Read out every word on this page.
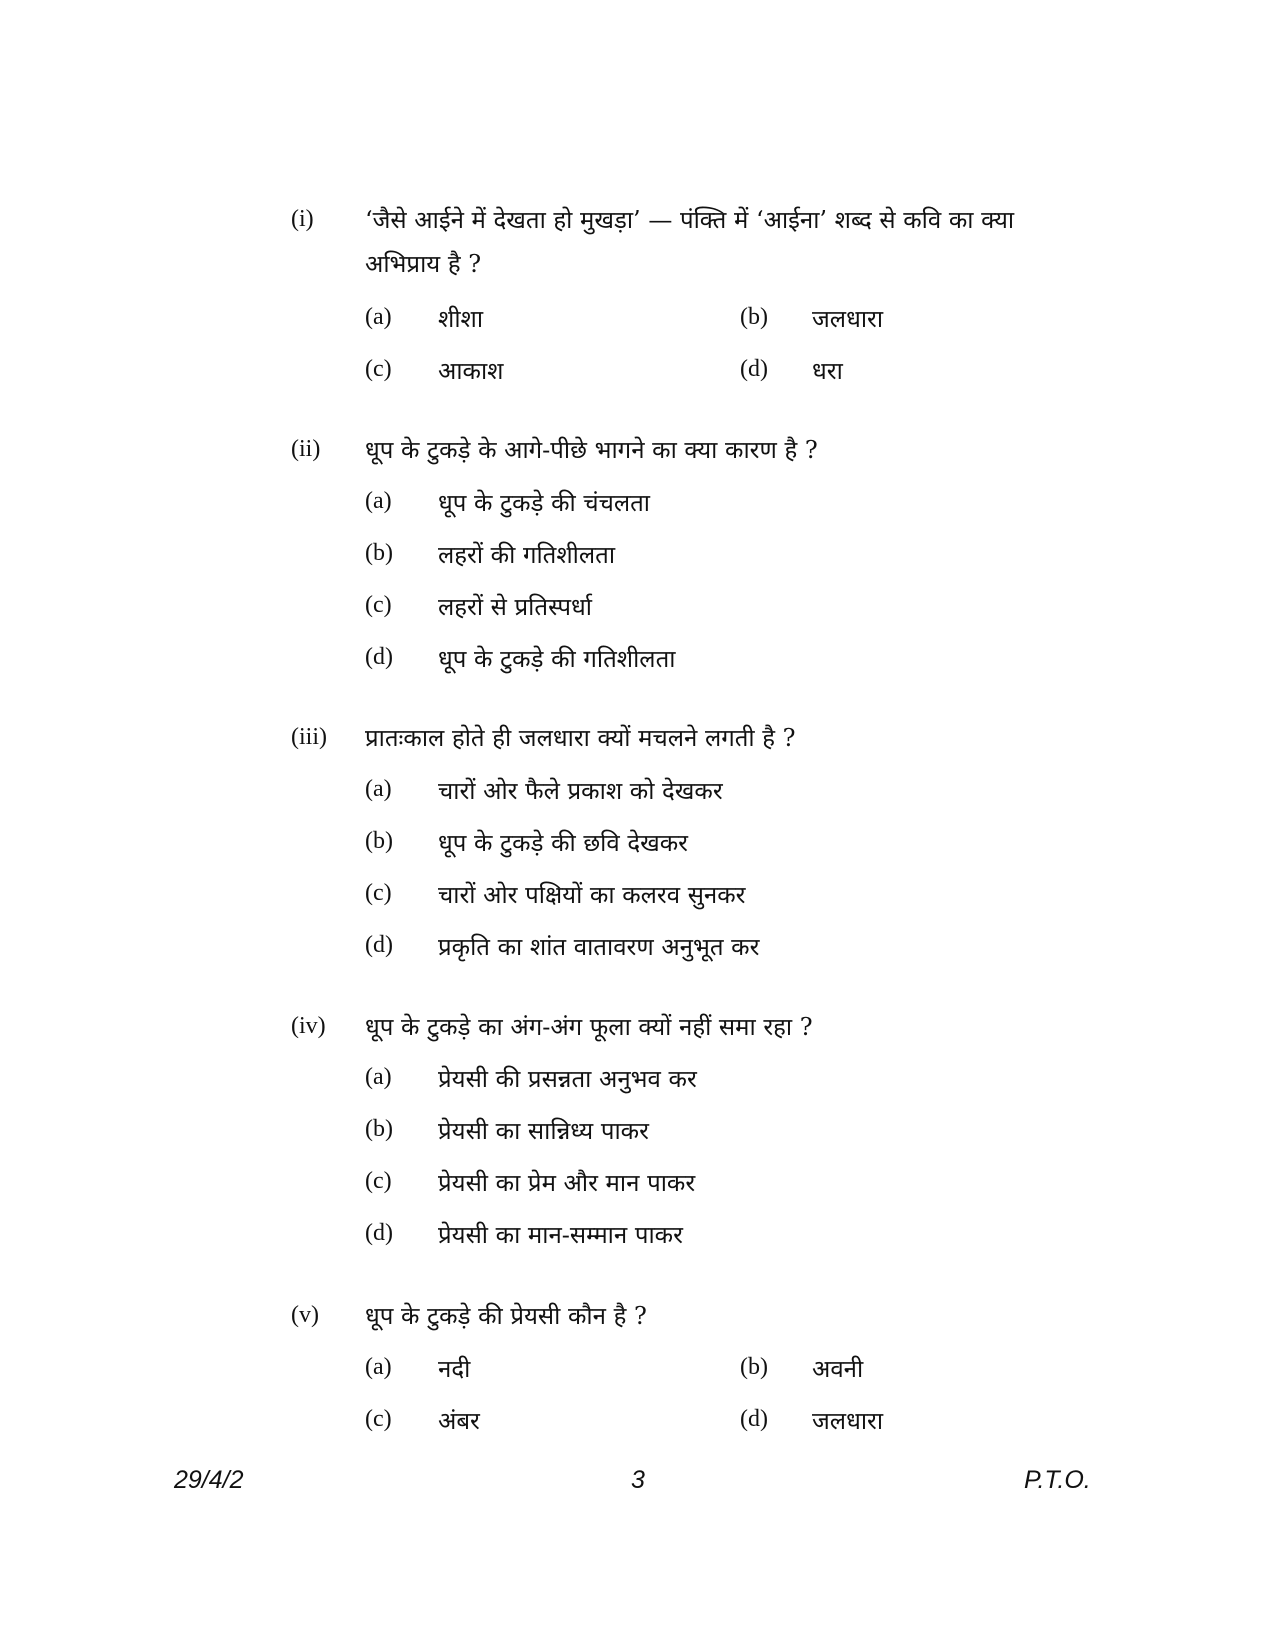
(i) ‘जैसे आईने में देखता हो मुखड़ा’ — पंक्ति में ‘आईना’ शब्द से कवि का क्या अभिप्राय है ?
(a) शीशा	(b) जलधारा
(c) आकाश	(d) धरा
(ii) धूप के टुकड़े के आगे-पीछे भागने का क्या कारण है ?
(a) धूप के टुकड़े की चंचलता
(b) लहरों की गतिशीलता
(c) लहरों से प्रतिस्पर्धा
(d) धूप के टुकड़े की गतिशीलता
(iii) प्रातःकाल होते ही जलधारा क्यों मचलने लगती है ?
(a) चारों ओर फैले प्रकाश को देखकर
(b) धूप के टुकड़े की छवि देखकर
(c) चारों ओर पक्षियों का कलरव सुनकर
(d) प्रकृति का शांत वातावरण अनुभूत कर
(iv) धूप के टुकड़े का अंग-अंग फूला क्यों नहीं समा रहा ?
(a) प्रेयसी की प्रसन्नता अनुभव कर
(b) प्रेयसी का सान्निध्य पाकर
(c) प्रेयसी का प्रेम और मान पाकर
(d) प्रेयसी का मान-सम्मान पाकर
(v) धूप के टुकड़े की प्रेयसी कौन है ?
(a) नदी	(b) अवनी
(c) अंबर	(d) जलधारा
29/4/2	3	P.T.O.
